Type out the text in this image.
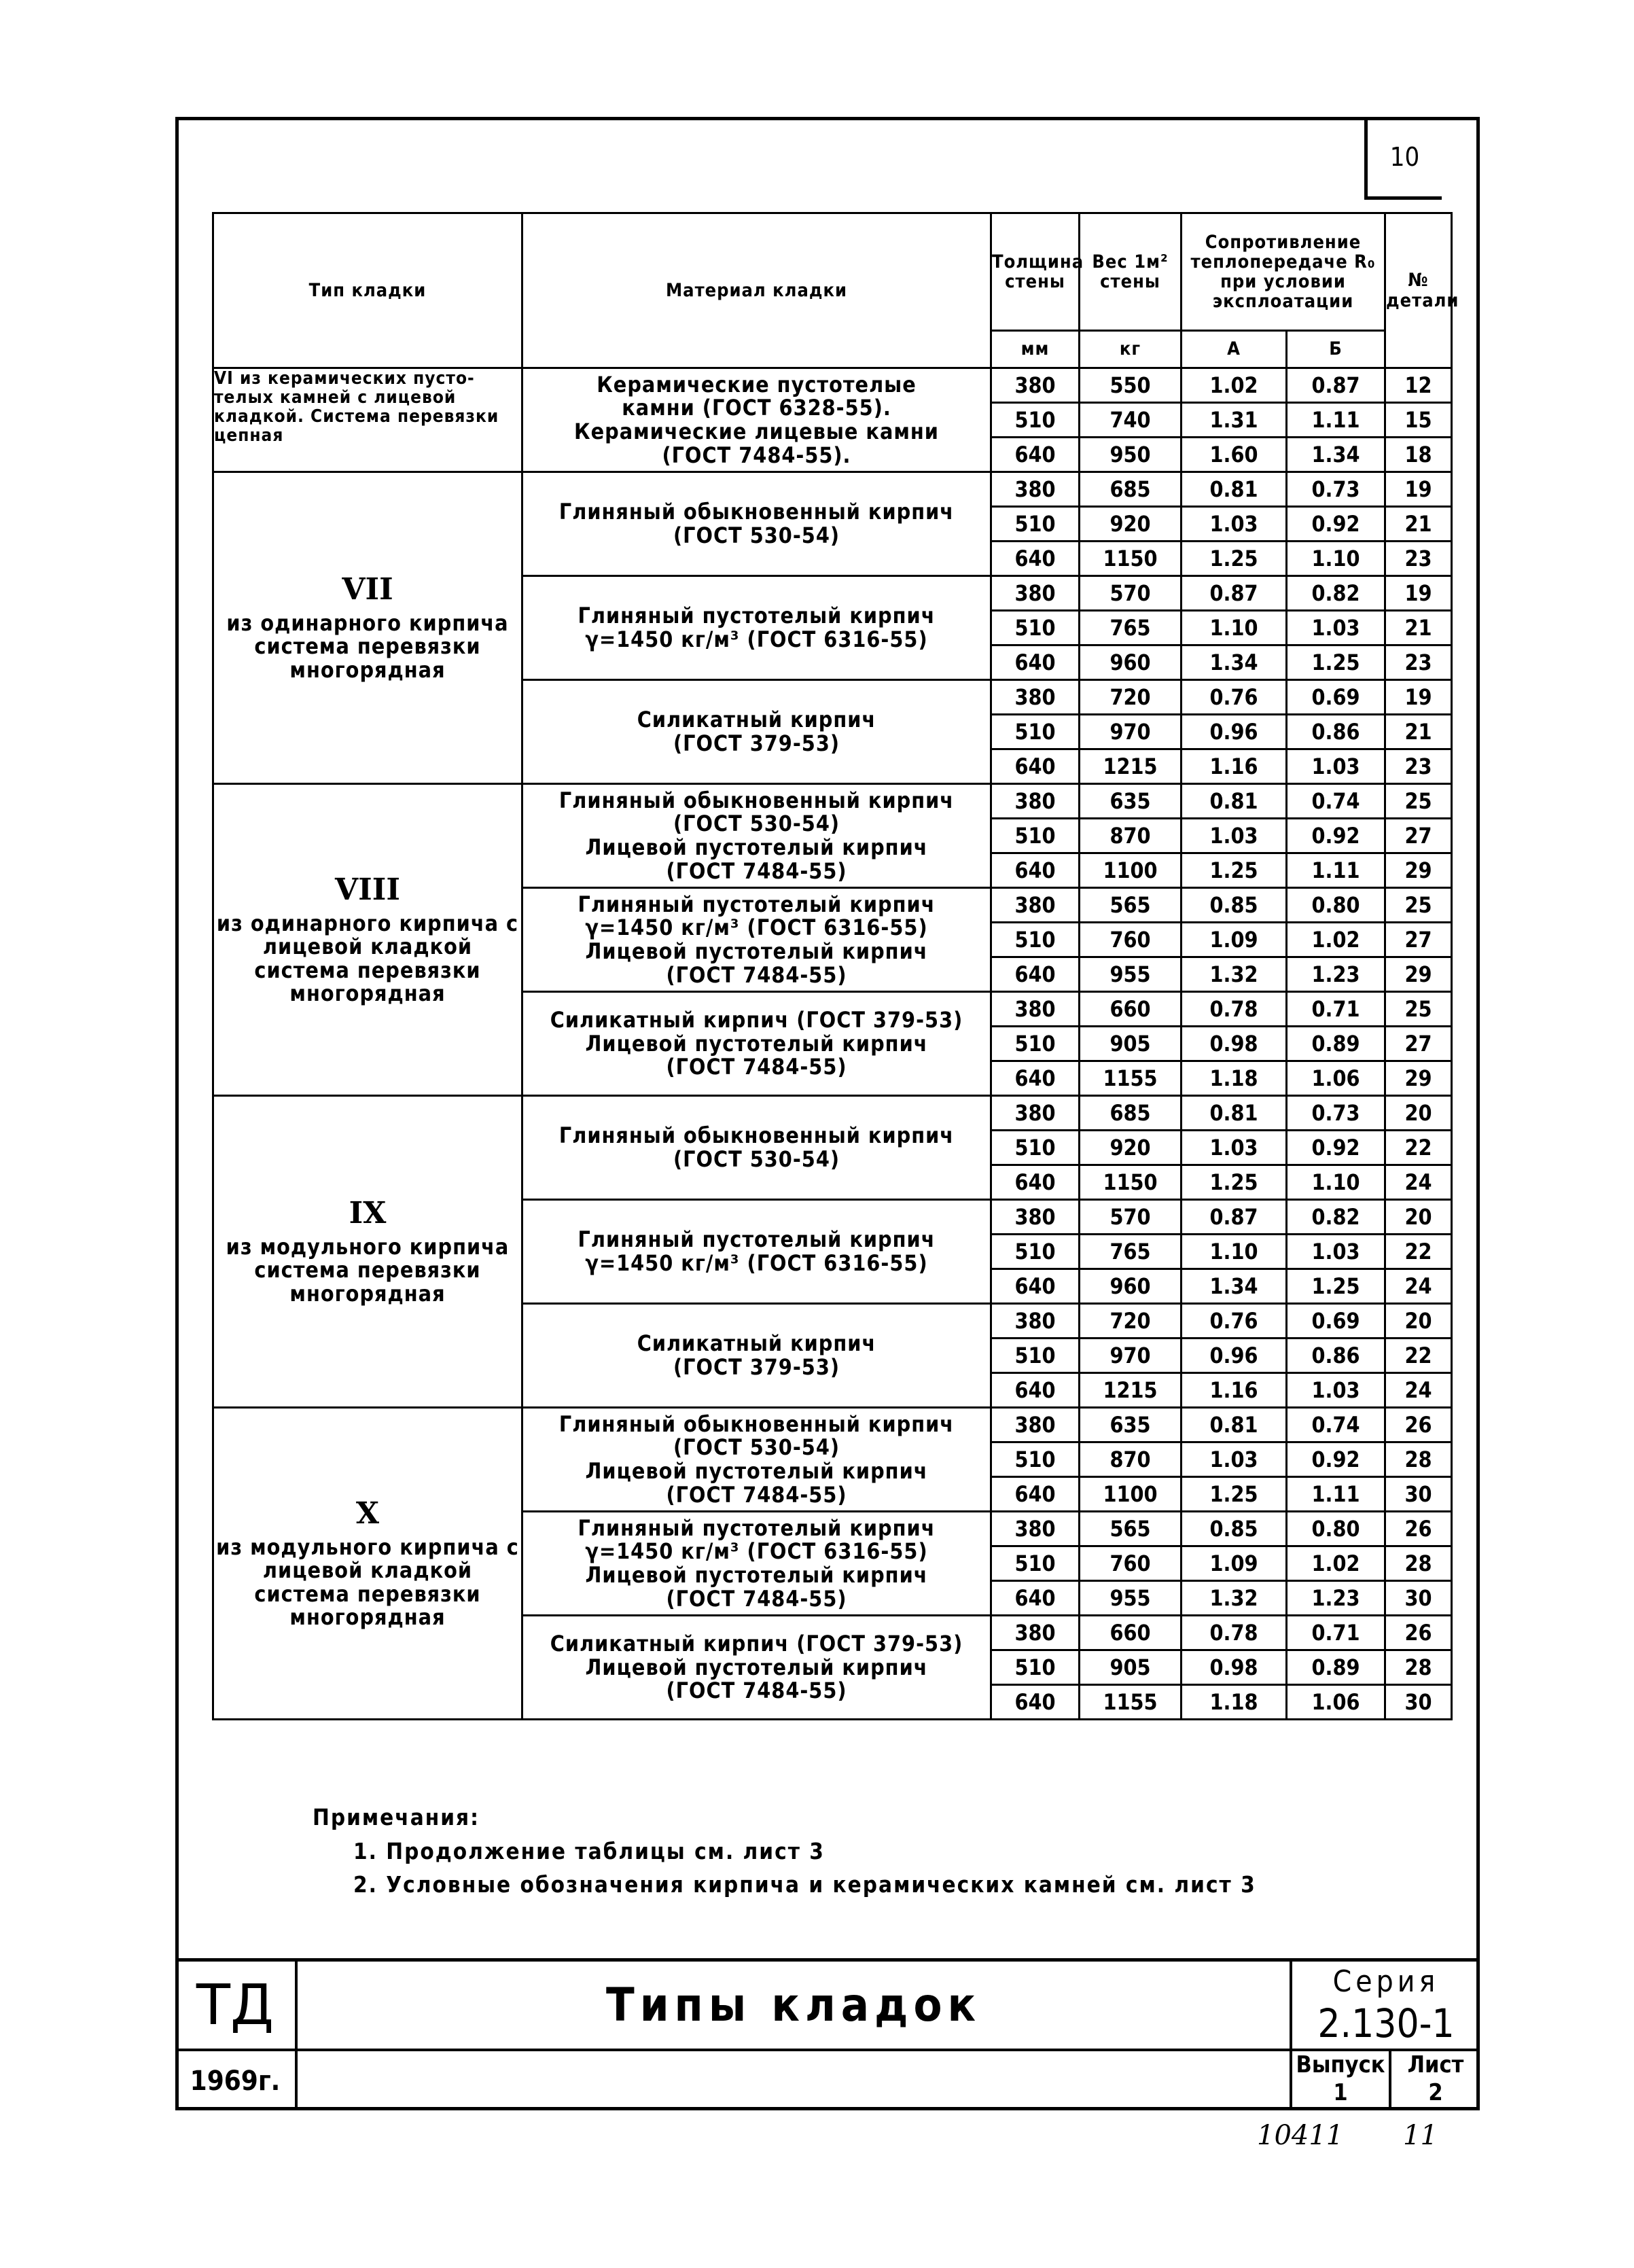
10
Тип кладки	Материал кладки	Толщина стены	Вес 1м² стены	Сопротивление теплопередаче R₀ при условии эксплоатации		№ детали
		мм	кг	А	Б	
VI из керамических пусто-телых камней с лицевой кладкой. Система перевязки цепная	Керамические пустотелые
камни (ГОСТ 6328-55).
Керамические лицевые камни
(ГОСТ 7484-55).	380	550	1.02	0.87	12
		510	740	1.31	1.11	15
		640	950	1.60	1.34	18

VII
из одинарного кирпича система перевязки многорядная	Глиняный обыкновенный кирпич
(ГОСТ 530-54)	380	685	0.81	0.73	19
		510	920	1.03	0.92	21
		640	1150	1.25	1.10	23

	Глиняный пустотелый кирпич
γ=1450 кг/м³ (ГОСТ 6316-55)	380	570	0.87	0.82	19
		510	765	1.10	1.03	21
		640	960	1.34	1.25	23

	Силикатный кирпич
(ГОСТ 379-53)	380	720	0.76	0.69	19
		510	970	0.96	0.86	21
		640	1215	1.16	1.03	23

VIII
из одинарного кирпича с лицевой кладкой система перевязки многорядная	Глиняный обыкновенный кирпич
(ГОСТ 530-54)
Лицевой пустотелый кирпич
(ГОСТ 7484-55)	380	635	0.81	0.74	25
		510	870	1.03	0.92	27
		640	1100	1.25	1.11	29

	Глиняный пустотелый кирпич
γ=1450 кг/м³ (ГОСТ 6316-55)
Лицевой пустотелый кирпич
(ГОСТ 7484-55)	380	565	0.85	0.80	25
		510	760	1.09	1.02	27
		640	955	1.32	1.23	29

	Силикатный кирпич (ГОСТ 379-53)
Лицевой пустотелый кирпич
(ГОСТ 7484-55)	380	660	0.78	0.71	25
		510	905	0.98	0.89	27
		640	1155	1.18	1.06	29

IX
из модульного кирпича система перевязки многорядная	Глиняный обыкновенный кирпич
(ГОСТ 530-54)	380	685	0.81	0.73	20
		510	920	1.03	0.92	22
		640	1150	1.25	1.10	24

	Глиняный пустотелый кирпич
γ=1450 кг/м³ (ГОСТ 6316-55)	380	570	0.87	0.82	20
		510	765	1.10	1.03	22
		640	960	1.34	1.25	24

	Силикатный кирпич
(ГОСТ 379-53)	380	720	0.76	0.69	20
		510	970	0.96	0.86	22
		640	1215	1.16	1.03	24

X
из модульного кирпича с лицевой кладкой система перевязки многорядная	Глиняный обыкновенный кирпич
(ГОСТ 530-54)
Лицевой пустотелый кирпич
(ГОСТ 7484-55)	380	635	0.81	0.74	26
		510	870	1.03	0.92	28
		640	1100	1.25	1.11	30

	Глиняный пустотелый кирпич
γ=1450 кг/м³ (ГОСТ 6316-55)
Лицевой пустотелый кирпич
(ГОСТ 7484-55)	380	565	0.85	0.80	26
		510	760	1.09	1.02	28
		640	955	1.32	1.23	30

	Силикатный кирпич (ГОСТ 379-53)
Лицевой пустотелый кирпич
(ГОСТ 7484-55)	380	660	0.78	0.71	26
		510	905	0.98	0.89	28
		640	1155	1.18	1.06	30
Примечания:
1. Продолжение таблицы см. лист 3
2. Условные обозначения кирпича и керамических камней см. лист 3
ТД
1969г.
Типы кладок	Серия
2.130-1
Выпуск
1
Лист
2
10411 11
